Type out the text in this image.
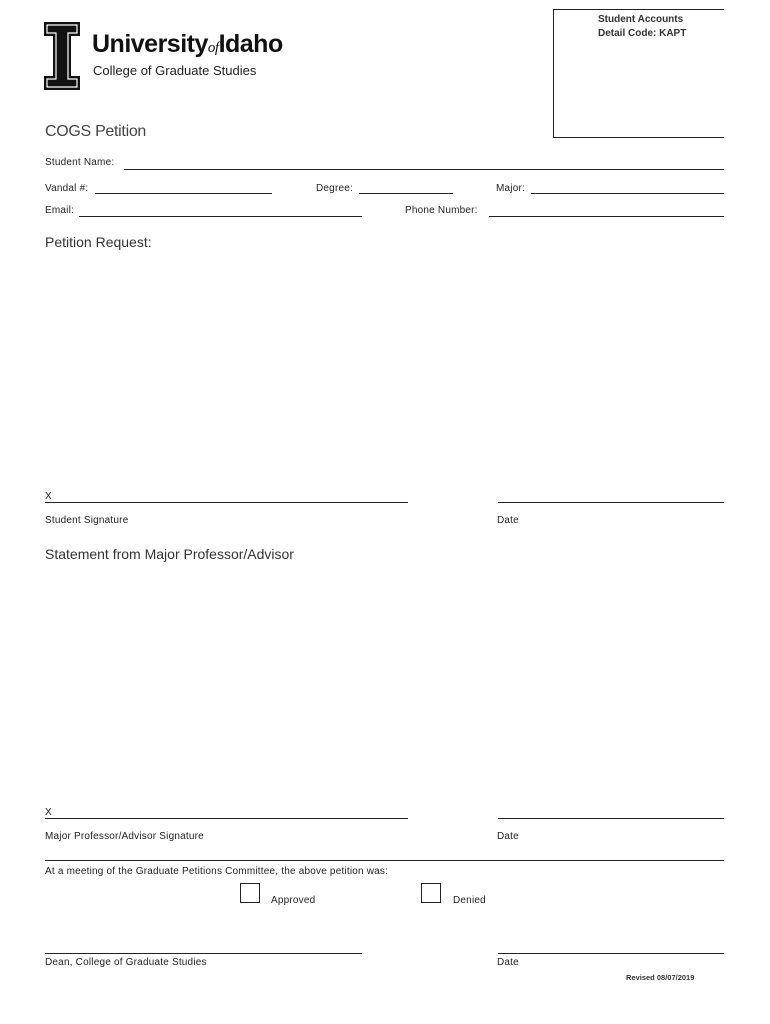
UniversityofIdaho
College of Graduate Studies
Student Accounts
Detail Code: KAPT
COGS Petition
Student Name:
Vandal #:	Degree:	Major:
Email:	Phone Number:
Petition Request:
X
Student Signature	Date
Statement from Major Professor/Advisor
X
Major Professor/Advisor Signature	Date
At a meeting of the Graduate Petitions Committee, the above petition was:
Approved	Denied
Dean, College of Graduate Studies	Date
Revised 08/07/2019
